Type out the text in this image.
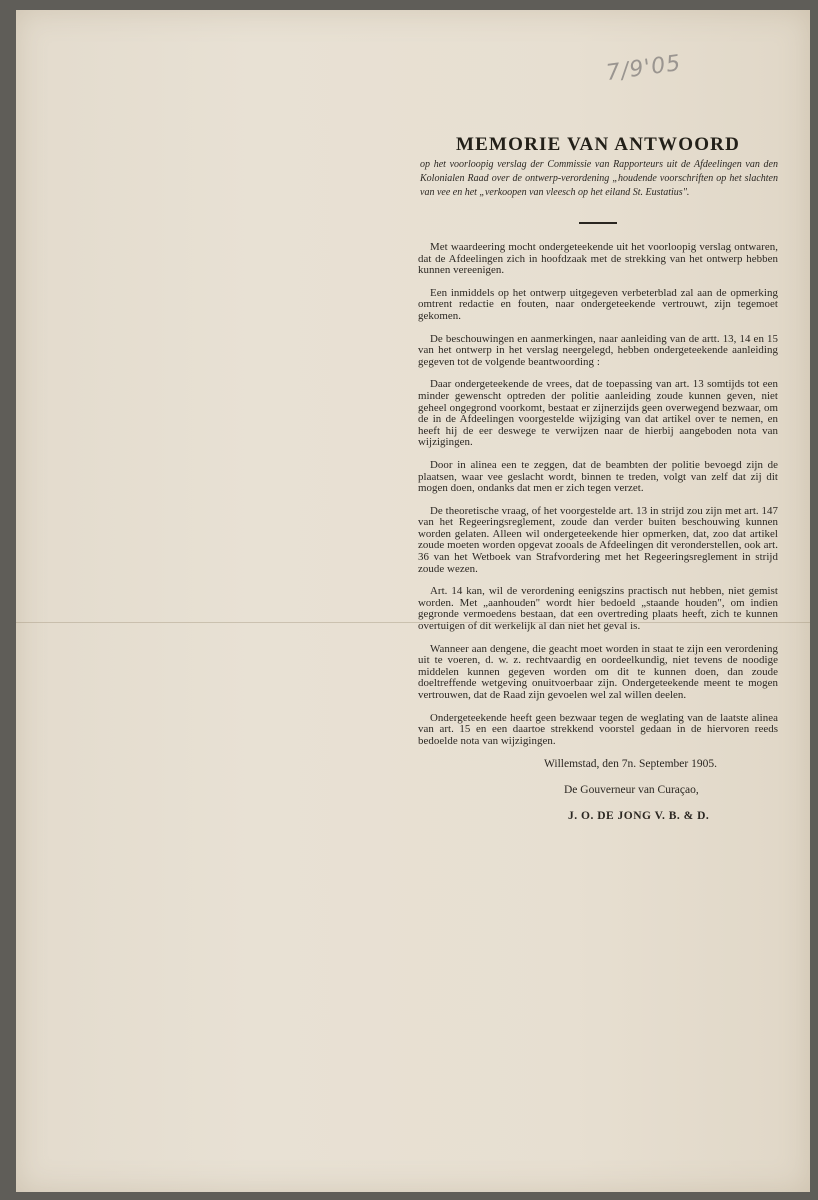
7/9'05
MEMORIE VAN ANTWOORD

op het voorloopig verslag der Commissie van Rapporteurs uit de Afdeelingen van den Kolonialen Raad over de ontwerp-verordening „houdende voorschriften op het slachten van vee en het „verkoopen van vleesch op het eiland St. Eustatius".

Met waardeering mocht ondergeteekende uit het voorloopig verslag ontwaren, dat de Afdeelingen zich in hoofdzaak met de strekking van het ontwerp hebben kunnen vereenigen.

Een inmiddels op het ontwerp uitgegeven verbeterblad zal aan de opmerking omtrent redactie en fouten, naar ondergeteekende vertrouwt, zijn tegemoet gekomen.

De beschouwingen en aanmerkingen, naar aanleiding van de artt. 13, 14 en 15 van het ontwerp in het verslag neergelegd, hebben ondergeteekende aanleiding gegeven tot de volgende beantwoording :

Daar ondergeteekende de vrees, dat de toepassing van art. 13 somtijds tot een minder gewenscht optreden der politie aanleiding zoude kunnen geven, niet geheel ongegrond voorkomt, bestaat er zijnerzijds geen overwegend bezwaar, om de in de Afdeelingen voorgestelde wijziging van dat artikel over te nemen, en heeft hij de eer deswege te verwijzen naar de hierbij aangeboden nota van wijzigingen.

Door in alinea een te zeggen, dat de beambten der politie bevoegd zijn de plaatsen, waar vee geslacht wordt, binnen te treden, volgt van zelf dat zij dit mogen doen, ondanks dat men er zich tegen verzet.

De theoretische vraag, of het voorgestelde art. 13 in strijd zou zijn met art. 147 van het Regeeringsreglement, zoude dan verder buiten beschouwing kunnen worden gelaten. Alleen wil ondergeteekende hier opmerken, dat, zoo dat artikel zoude moeten worden opgevat zooals de Afdeelingen dit veronderstellen, ook art. 36 van het Wetboek van Strafvordering met het Regeeringsreglement in strijd zoude wezen.

Art. 14 kan, wil de verordening eenigszins practisch nut hebben, niet gemist worden. Met „aanhouden" wordt hier bedoeld „staande houden", om indien gegronde vermoedens bestaan, dat een overtreding plaats heeft, zich te kunnen overtuigen of dit werkelijk al dan niet het geval is.

Wanneer aan dengene, die geacht moet worden in staat te zijn een verordening uit te voeren, d. w. z. rechtvaardig en oordeelkundig, niet tevens de noodige middelen kunnen gegeven worden om dit te kunnen doen, dan zoude doeltreffende wetgeving onuitvoerbaar zijn. Ondergeteekende meent te mogen vertrouwen, dat de Raad zijn gevoelen wel zal willen deelen.

Ondergeteekende heeft geen bezwaar tegen de weglating van de laatste alinea van art. 15 en een daartoe strekkend voorstel gedaan in de hiervoren reeds bedoelde nota van wijzigingen.

Willemstad, den 7n. September 1905.
De Gouverneur van Curaçao,
J. O. DE JONG V. B. & D.
